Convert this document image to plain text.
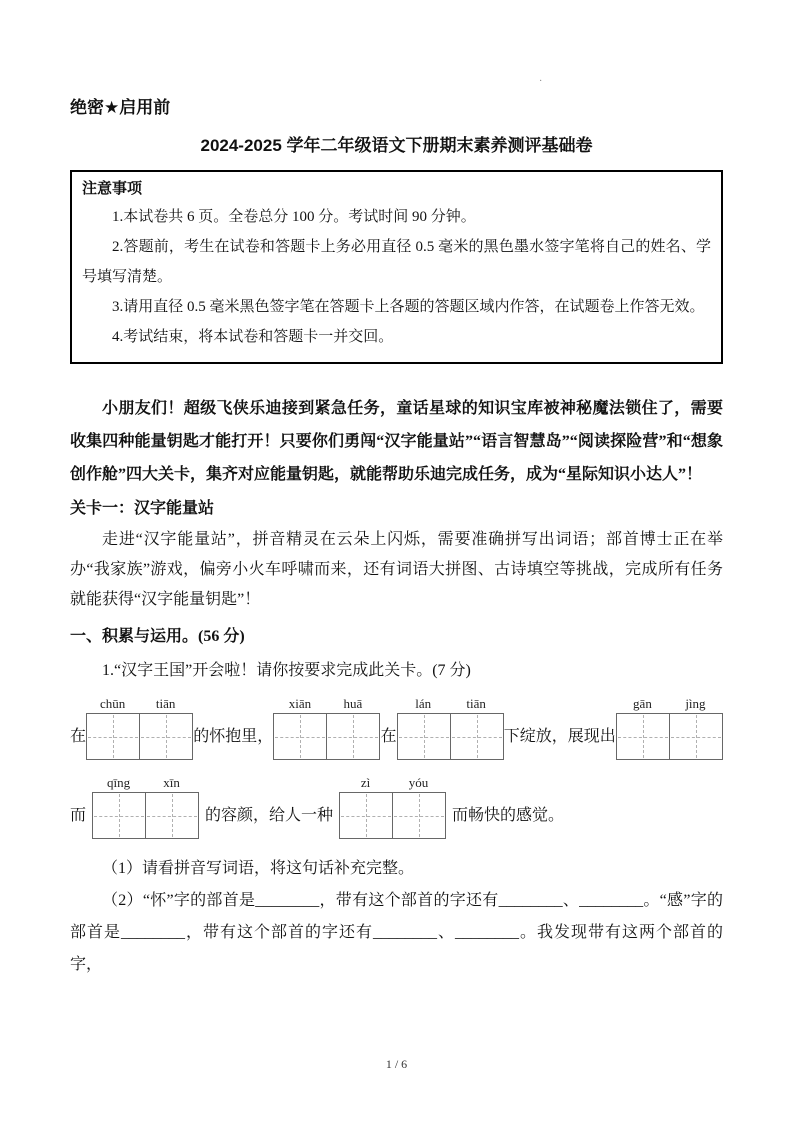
·
绝密★启用前
2024-2025 学年二年级语文下册期末素养测评基础卷
注意事项

1.本试卷共 6 页。全卷总分 100 分。考试时间 90 分钟。

2.答题前，考生在试卷和答题卡上务必用直径 0.5 毫米的黑色墨水签字笔将自己的姓名、学号填写清楚。

3.请用直径 0.5 毫米黑色签字笔在答题卡上各题的答题区域内作答，在试题卷上作答无效。

4.考试结束，将本试卷和答题卡一并交回。

小朋友们！超级飞侠乐迪接到紧急任务，童话星球的知识宝库被神秘魔法锁住了，需要收集四种能量钥匙才能打开！只要你们勇闯“汉字能量站”“语言智慧岛”“阅读探险营”和“想象创作舱”四大关卡，集齐对应能量钥匙，就能帮助乐迪完成任务，成为“星际知识小达人”！

关卡一：汉字能量站

走进“汉字能量站”，拼音精灵在云朵上闪烁，需要准确拼写出词语；部首博士正在举办“我家族”游戏，偏旁小火车呼啸而来，还有词语大拼图、古诗填空等挑战，完成所有任务就能获得“汉字能量钥匙”！

一、积累与运用。(56 分)

1.“汉字王国”开会啦！请你按要求完成此关卡。(7 分)

在
chūn	tiān
的怀抱里，
xiān	huā
在
lán	tiān
下绽放，展现出
gān	jìng
而
qīng	xīn
的容颜，给人一种
zì	yóu
而畅快的感觉。

（1）请看拼音写词语，将这句话补充完整。

（2）“怀”字的部首是________，带有这个部首的字还有________、________。“感”字的部首是________，带有这个部首的字还有________、________。我发现带有这两个部首的字，

1 / 6
